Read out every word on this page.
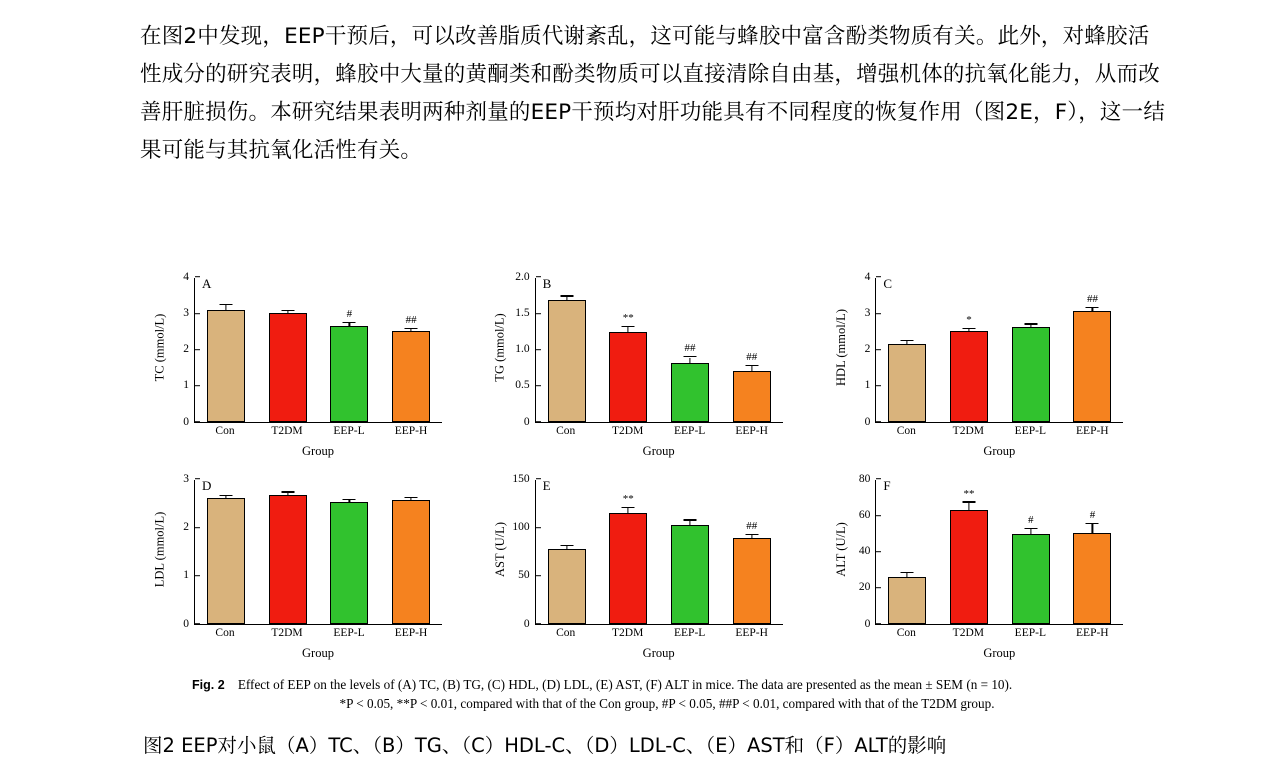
在图2中发现，EEP干预后，可以改善脂质代谢紊乱，这可能与蜂胶中富含酚类物质有关。此外，对蜂胶活性成分的研究表明，蜂胶中大量的黄酮类和酚类物质可以直接清除自由基，增强机体的抗氧化能力，从而改善肝脏损伤。本研究结果表明两种剂量的EEP干预均对肝功能具有不同程度的恢复作用（图2E，F），这一结果可能与其抗氧化活性有关。
TC (mmol/L)
A
0
1
2
3
4
#	##
Con	T2DM	EEP-L	EEP-H
Group
TG (mmol/L)
B
0
0.5
1.0
1.5
2.0
**
##
##
Con	T2DM	EEP-L	EEP-H
Group
HDL (mmol/L)
C
0
1
2
3
4
*
##
Con	T2DM	EEP-L	EEP-H
Group
LDL (mmol/L)
D
0
1
2
3
Con	T2DM	EEP-L	EEP-H
Group
AST (U/L)
E
0
50
100
150
**
##
Con	T2DM	EEP-L	EEP-H
Group
ALT (U/L)
F
0
20
40
60
80
**
#	#
Con	T2DM	EEP-L	EEP-H
Group
Fig. 2 Effect of EEP on the levels of (A) TC, (B) TG, (C) HDL, (D) LDL, (E) AST, (F) ALT in mice. The data are presented as the mean ± SEM (n = 10).
*P < 0.05, **P < 0.01, compared with that of the Con group, #P < 0.05, ##P < 0.01, compared with that of the T2DM group.
图2 EEP对小鼠（A）TC、（B）TG、（C）HDL-C、（D）LDL-C、（E）AST和（F）ALT的影响
